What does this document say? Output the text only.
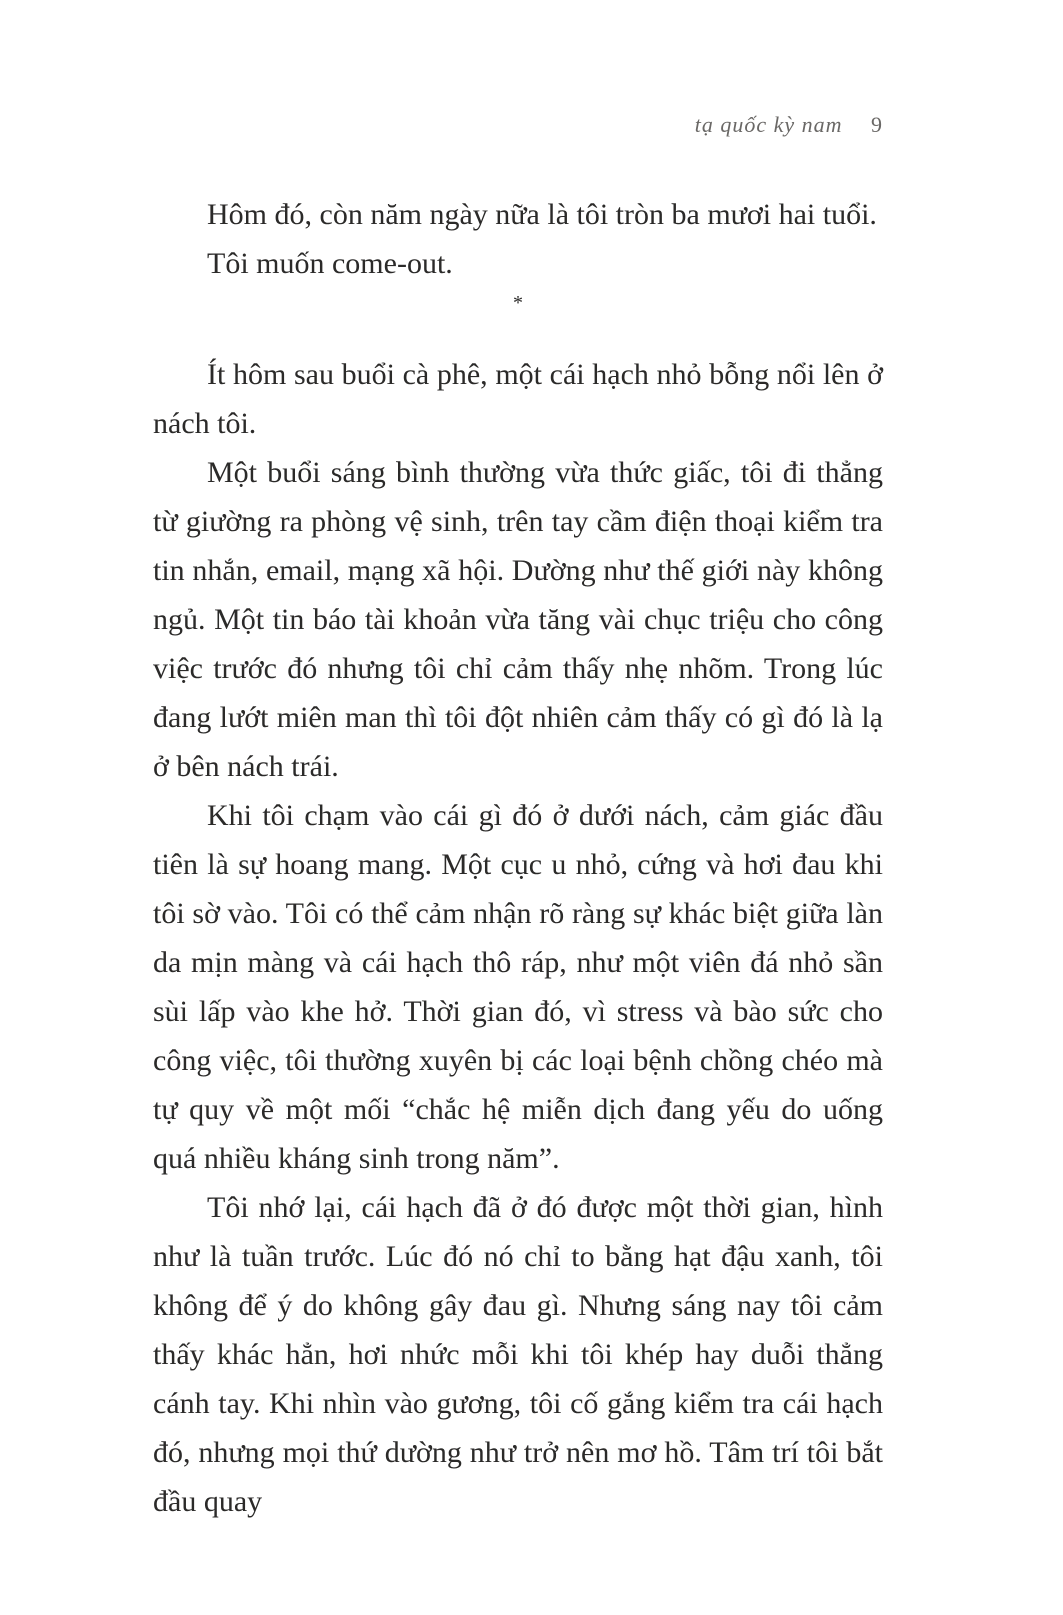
tạ quốc kỳ nam 9

Hôm đó, còn năm ngày nữa là tôi tròn ba mươi hai tuổi.

Tôi muốn come-out.

*

Ít hôm sau buổi cà phê, một cái hạch nhỏ bỗng nổi lên ở nách tôi.

Một buổi sáng bình thường vừa thức giấc, tôi đi thẳng từ giường ra phòng vệ sinh, trên tay cầm điện thoại kiểm tra tin nhắn, email, mạng xã hội. Dường như thế giới này không ngủ. Một tin báo tài khoản vừa tăng vài chục triệu cho công việc trước đó nhưng tôi chỉ cảm thấy nhẹ nhõm. Trong lúc đang lướt miên man thì tôi đột nhiên cảm thấy có gì đó là lạ ở bên nách trái.

Khi tôi chạm vào cái gì đó ở dưới nách, cảm giác đầu tiên là sự hoang mang. Một cục u nhỏ, cứng và hơi đau khi tôi sờ vào. Tôi có thể cảm nhận rõ ràng sự khác biệt giữa làn da mịn màng và cái hạch thô ráp, như một viên đá nhỏ sần sùi lấp vào khe hở. Thời gian đó, vì stress và bào sức cho công việc, tôi thường xuyên bị các loại bệnh chồng chéo mà tự quy về một mối “chắc hệ miễn dịch đang yếu do uống quá nhiều kháng sinh trong năm”.

Tôi nhớ lại, cái hạch đã ở đó được một thời gian, hình như là tuần trước. Lúc đó nó chỉ to bằng hạt đậu xanh, tôi không để ý do không gây đau gì. Nhưng sáng nay tôi cảm thấy khác hẳn, hơi nhức mỗi khi tôi khép hay duỗi thẳng cánh tay. Khi nhìn vào gương, tôi cố gắng kiểm tra cái hạch đó, nhưng mọi thứ dường như trở nên mơ hồ. Tâm trí tôi bắt đầu quay
